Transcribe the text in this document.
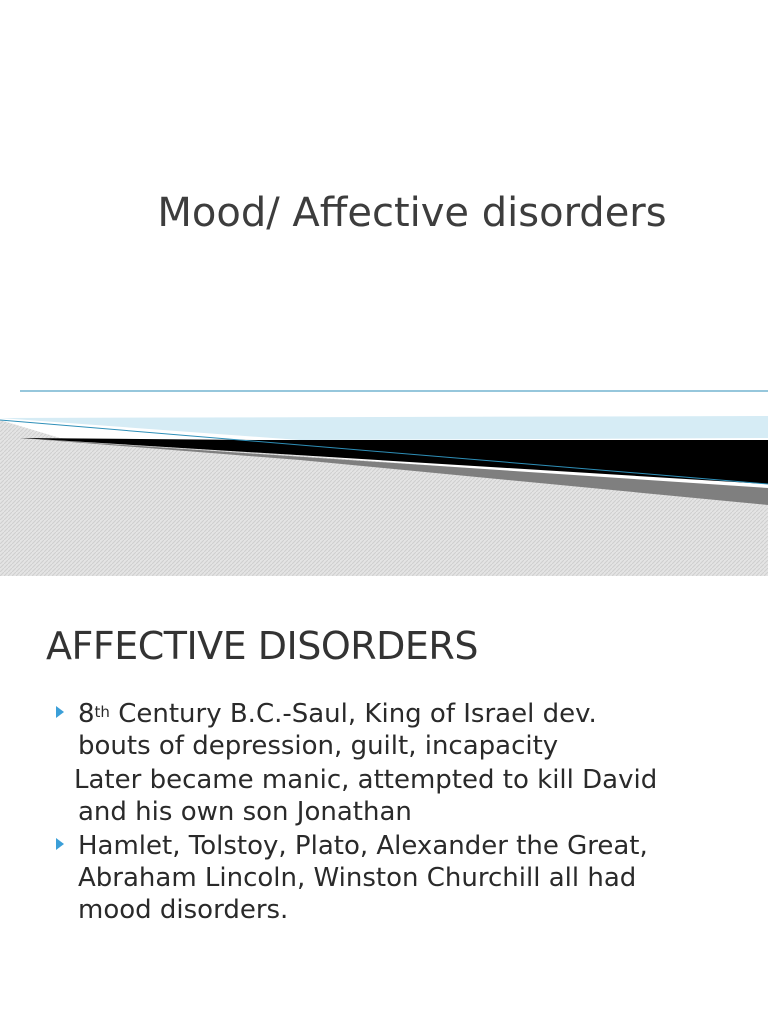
Mood/ Affective disorders
AFFECTIVE DISORDERS
8th Century B.C.-Saul, King of Israel dev.
bouts of depression, guilt, incapacity
Later became manic, attempted to kill David
and his own son Jonathan
Hamlet, Tolstoy, Plato, Alexander the Great,
Abraham Lincoln, Winston Churchill all had
mood disorders.
